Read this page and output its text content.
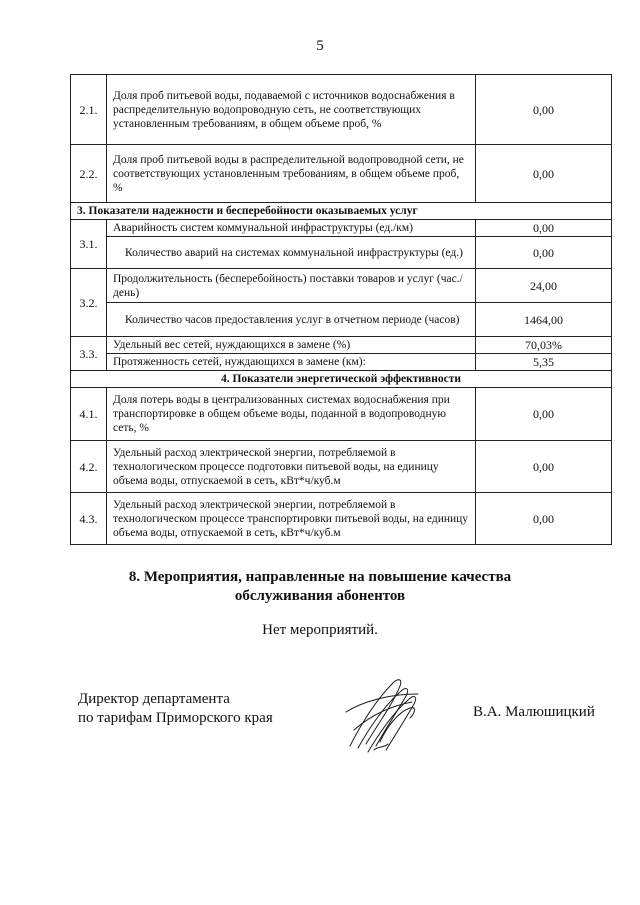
5
2.1.	Доля проб питьевой воды, подаваемой с источников водоснабжения в распределительную водопроводную сеть, не соответствующих установленным требованиям, в общем объеме проб, %	0,00
2.2.	Доля проб питьевой воды в распределительной водопроводной сети, не соответствующих установленным требованиям, в общем объеме проб, %	0,00
3. Показатели надежности и бесперебойности оказываемых услуг		
3.1.	Аварийность систем коммунальной инфраструктуры (ед./км)	0,00
	Количество аварий на системах коммунальной инфраструктуры (ед.)	0,00
3.2.	Продолжительность (бесперебойность) поставки товаров и услуг (час./день)	24,00
	Количество часов предоставления услуг в отчетном периоде (часов)	1464,00
3.3.	Удельный вес сетей, нуждающихся в замене (%)	70,03%
	Протяженность сетей, нуждающихся в замене (км):	5,35
4. Показатели энергетической эффективности		
4.1.	Доля потерь воды в централизованных системах водоснабжения при транспортировке в общем объеме воды, поданной в водопроводную сеть, %	0,00
4.2.	Удельный расход электрической энергии, потребляемой в технологическом процессе подготовки питьевой воды, на единицу объема воды, отпускаемой в сеть, кВт*ч/куб.м	0,00
4.3.	Удельный расход электрической энергии, потребляемой в технологическом процессе транспортировки питьевой воды, на единицу объема воды, отпускаемой в сеть, кВт*ч/куб.м	0,00
8. Мероприятия, направленные на повышение качества
обслуживания абонентов
Нет мероприятий.
Директор департамента
по тарифам Приморского края	В.А. Малюшицкий
